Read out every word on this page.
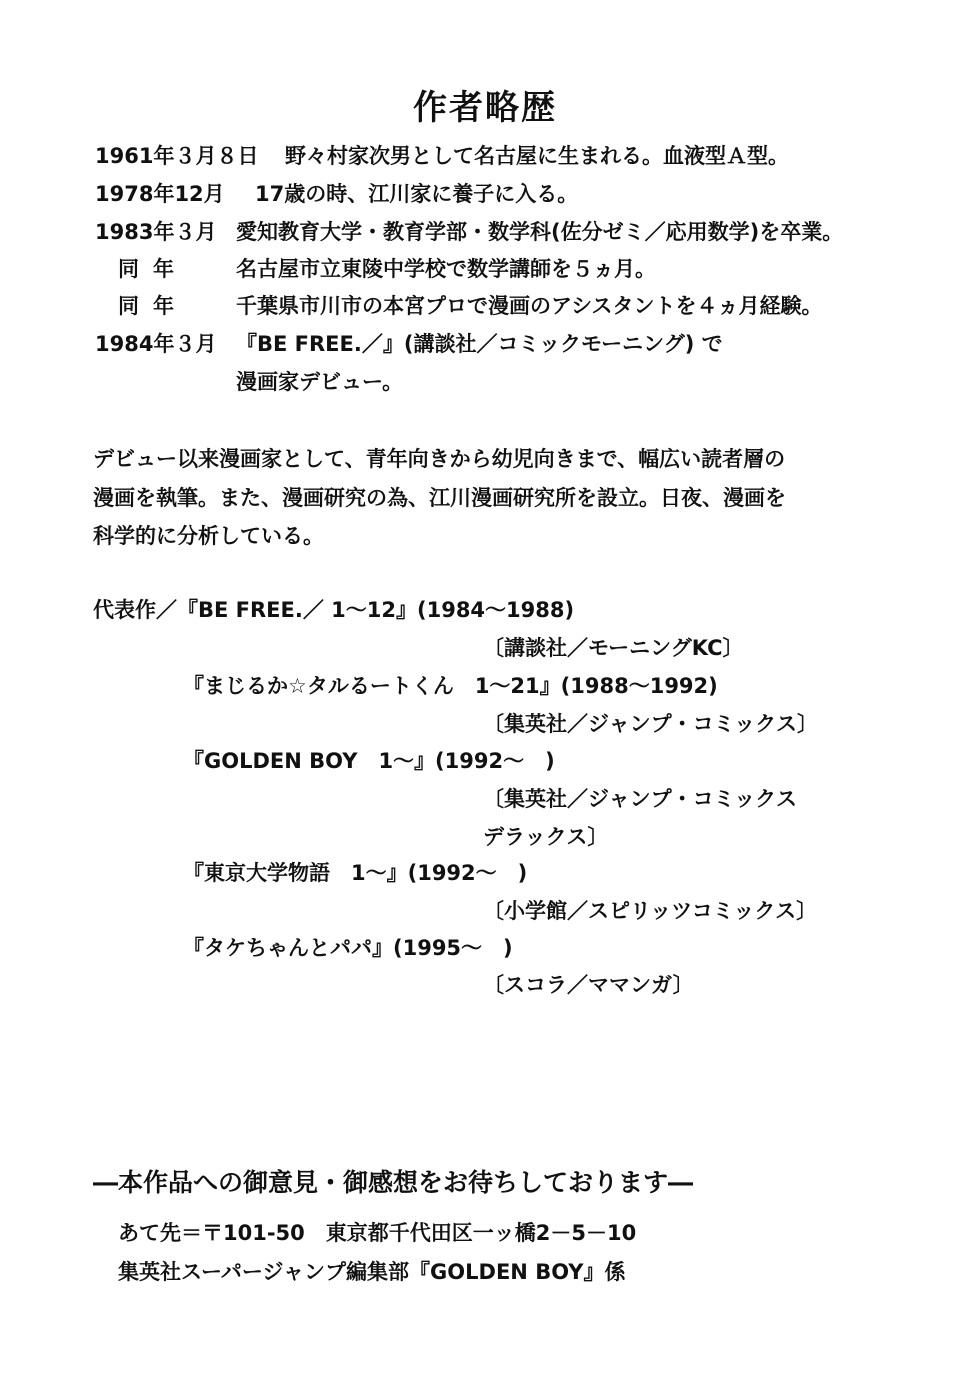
作者略歴
1961年３月８日 野々村家次男として名古屋に生まれる。血液型Ａ型。
1978年12月 17歳の時、江川家に養子に入る。
1983年３月 愛知教育大学・教育学部・数学科(佐分ゼミ／応用数学)を卒業。
同年 名古屋市立東陵中学校で数学講師を５ヵ月。
同年 千葉県市川市の本宮プロで漫画のアシスタントを４ヵ月経験。
1984年３月 『BE FREE.／』(講談社／コミックモーニング) で
漫画家デビュー。
デビュー以来漫画家として、青年向きから幼児向きまで、幅広い読者層の
漫画を執筆。また、漫画研究の為、江川漫画研究所を設立。日夜、漫画を
科学的に分析している。
代表作／『BE FREE.／ 1～12』(1984～1988)
〔講談社／モーニングKC〕
『まじるか☆タルるートくん　1～21』(1988～1992)
〔集英社／ジャンプ・コミックス〕
『GOLDEN BOY　1～』(1992～　)
〔集英社／ジャンプ・コミックス
デラックス〕
『東京大学物語　1～』(1992～　)
〔小学館／スピリッツコミックス〕
『タケちゃんとパパ』(1995～　)
〔スコラ／ママンガ〕
―本作品への御意見・御感想をお待ちしております―
あて先＝〒101-50　東京都千代田区一ッ橋2－5－10
集英社スーパージャンプ編集部『GOLDEN BOY』係
